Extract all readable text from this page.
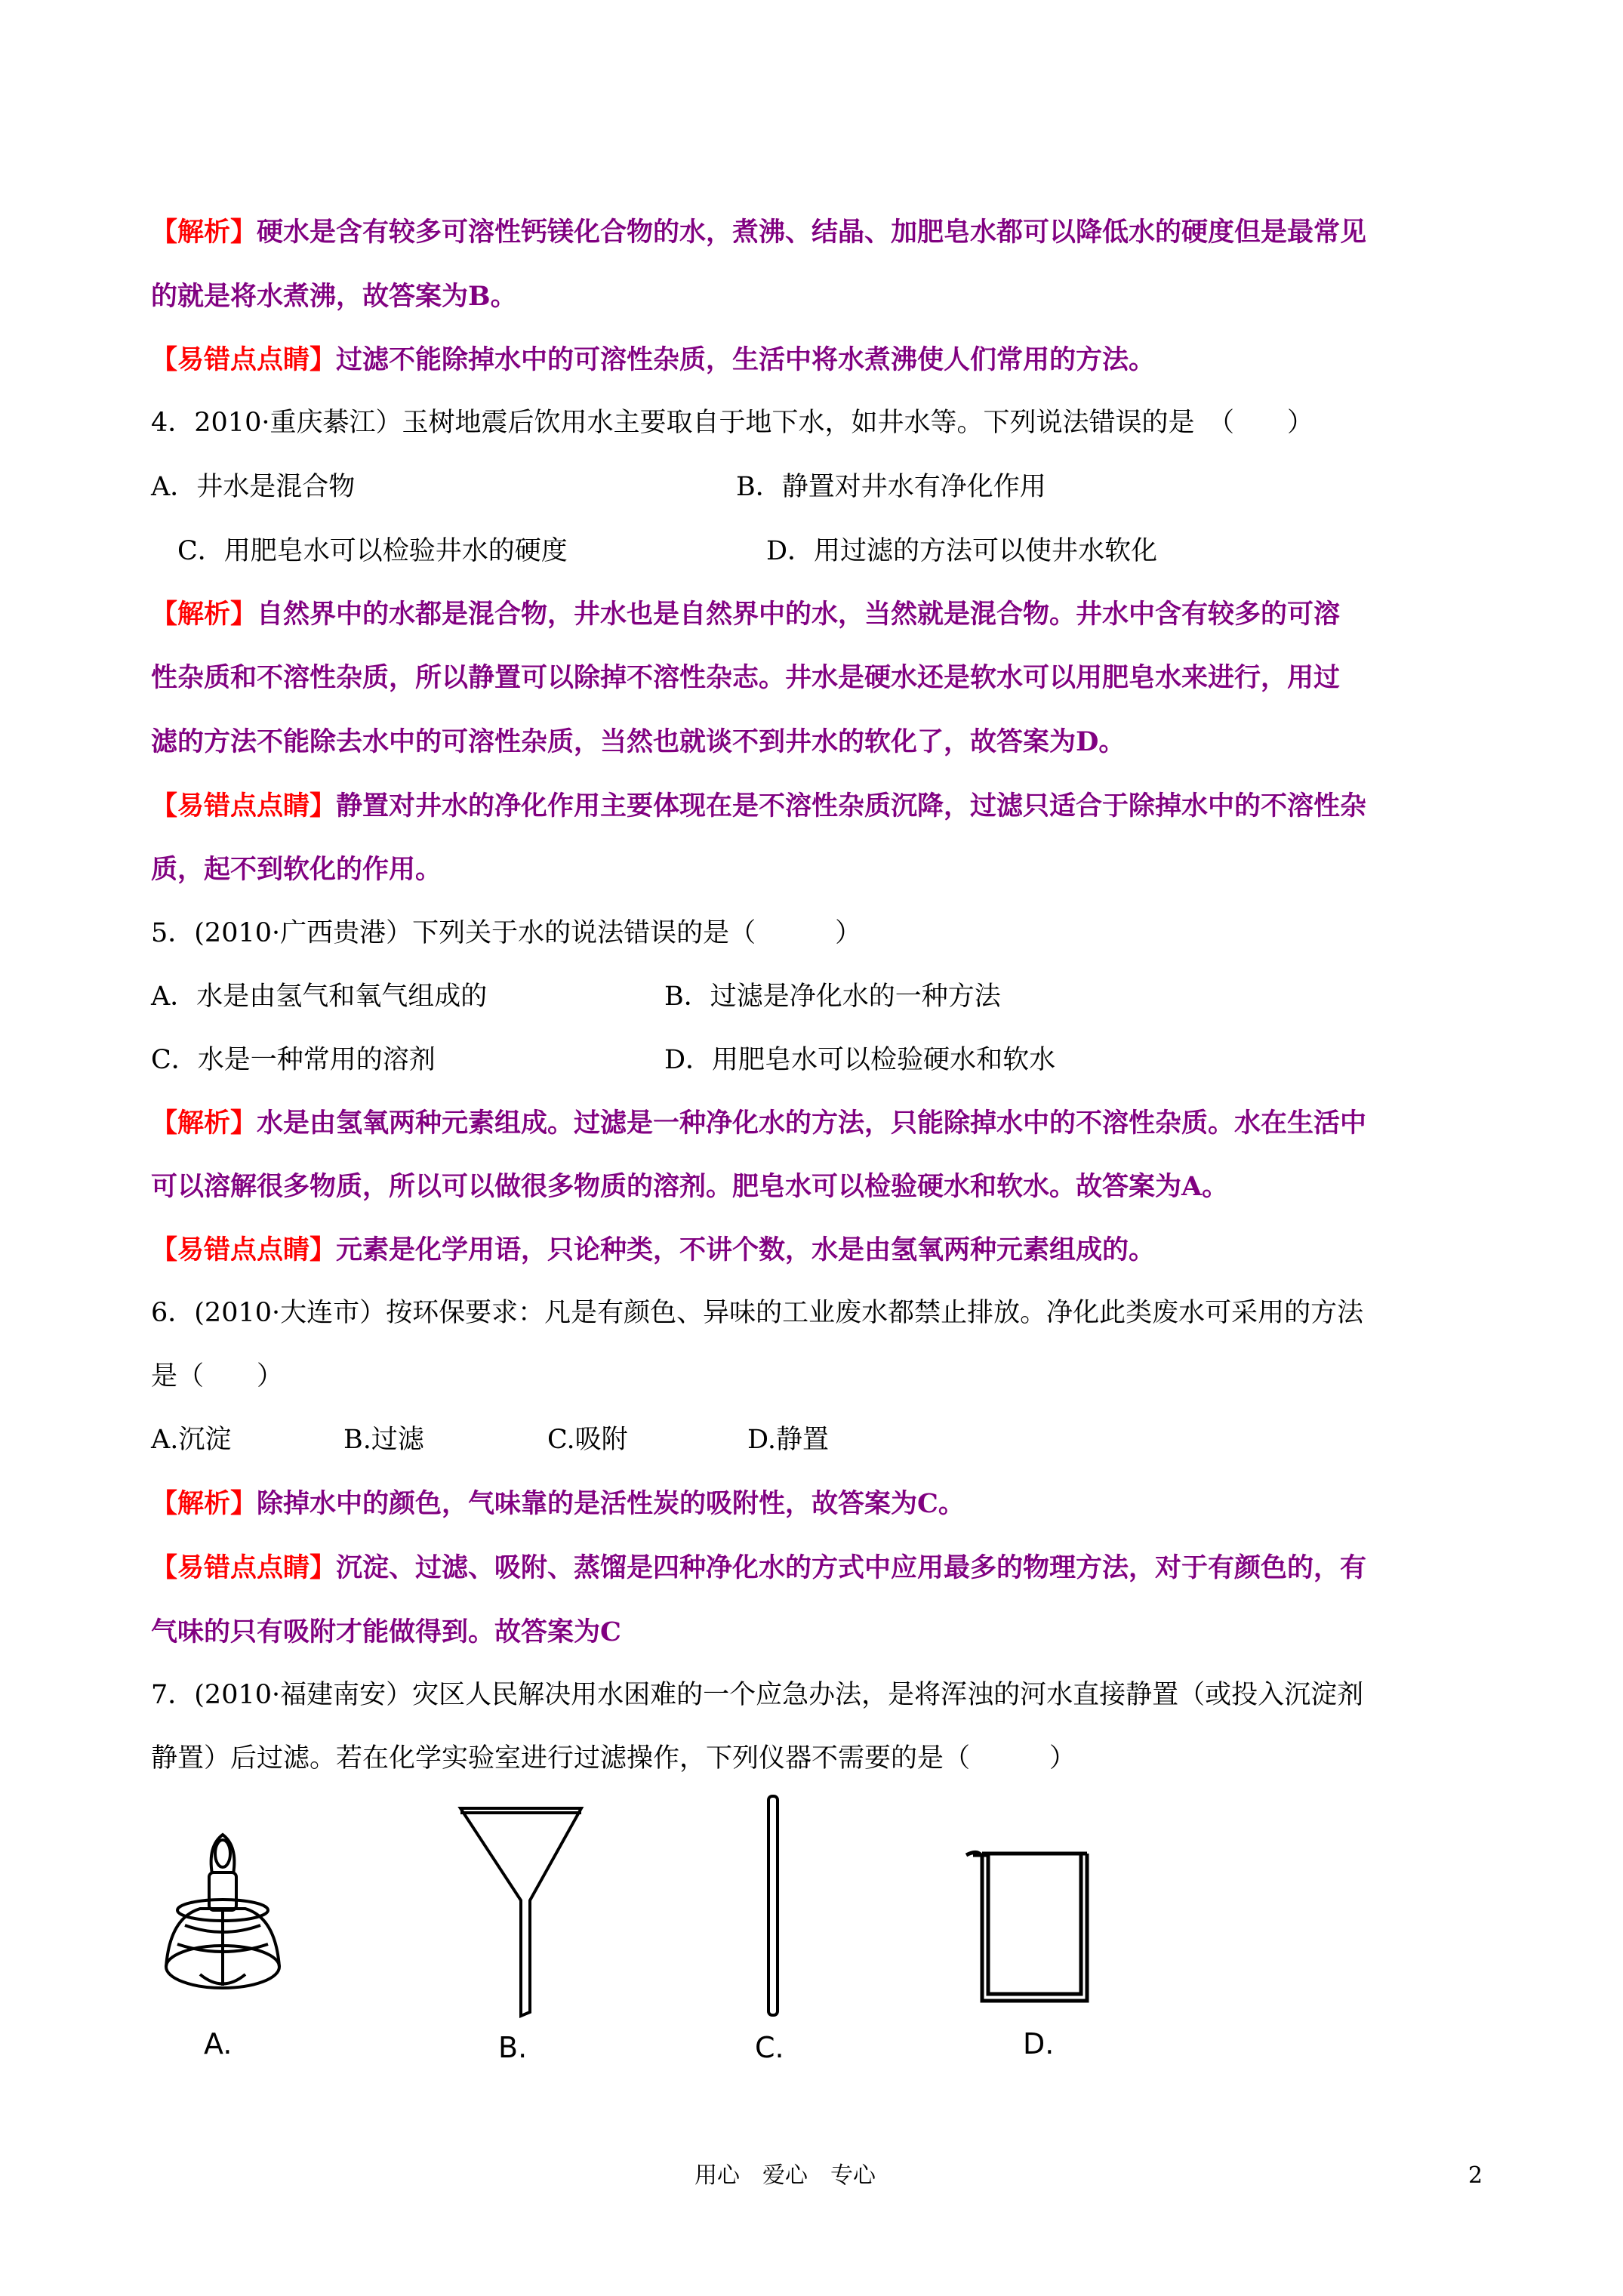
【解析】硬水是含有较多可溶性钙镁化合物的水，煮沸、结晶、加肥皂水都可以降低水的硬度但是最常见
的就是将水煮沸，故答案为B。
【易错点点睛】过滤不能除掉水中的可溶性杂质，生活中将水煮沸使人们常用的方法。
4．2010·重庆綦江）玉树地震后饮用水主要取自于地下水，如井水等。下列说法错误的是　（　　）
A．井水是混合物	B．静置对井水有净化作用
C．用肥皂水可以检验井水的硬度	D．用过滤的方法可以使井水软化
【解析】自然界中的水都是混合物，井水也是自然界中的水，当然就是混合物。井水中含有较多的可溶
性杂质和不溶性杂质，所以静置可以除掉不溶性杂志。井水是硬水还是软水可以用肥皂水来进行，用过
滤的方法不能除去水中的可溶性杂质，当然也就谈不到井水的软化了，故答案为D。
【易错点点睛】静置对井水的净化作用主要体现在是不溶性杂质沉降，过滤只适合于除掉水中的不溶性杂
质，起不到软化的作用。
5．(2010·广西贵港）下列关于水的说法错误的是（　　　）
A．水是由氢气和氧气组成的	B．过滤是净化水的一种方法
C．水是一种常用的溶剂	D．用肥皂水可以检验硬水和软水
【解析】水是由氢氧两种元素组成。过滤是一种净化水的方法，只能除掉水中的不溶性杂质。水在生活中
可以溶解很多物质，所以可以做很多物质的溶剂。肥皂水可以检验硬水和软水。故答案为A。
【易错点点睛】元素是化学用语，只论种类，不讲个数，水是由氢氧两种元素组成的。
6．(2010·大连市）按环保要求：凡是有颜色、异味的工业废水都禁止排放。净化此类废水可采用的方法
是（　　）
A.沉淀	B.过滤	C.吸附	D.静置
【解析】除掉水中的颜色，气味靠的是活性炭的吸附性，故答案为C。
【易错点点睛】沉淀、过滤、吸附、蒸馏是四种净化水的方式中应用最多的物理方法，对于有颜色的，有
气味的只有吸附才能做得到。故答案为C
7．(2010·福建南安）灾区人民解决用水困难的一个应急办法，是将浑浊的河水直接静置（或投入沉淀剂
静置）后过滤。若在化学实验室进行过滤操作，下列仪器不需要的是（　　　）
A.	B.	C.	D.
用心　爱心　专心	2
